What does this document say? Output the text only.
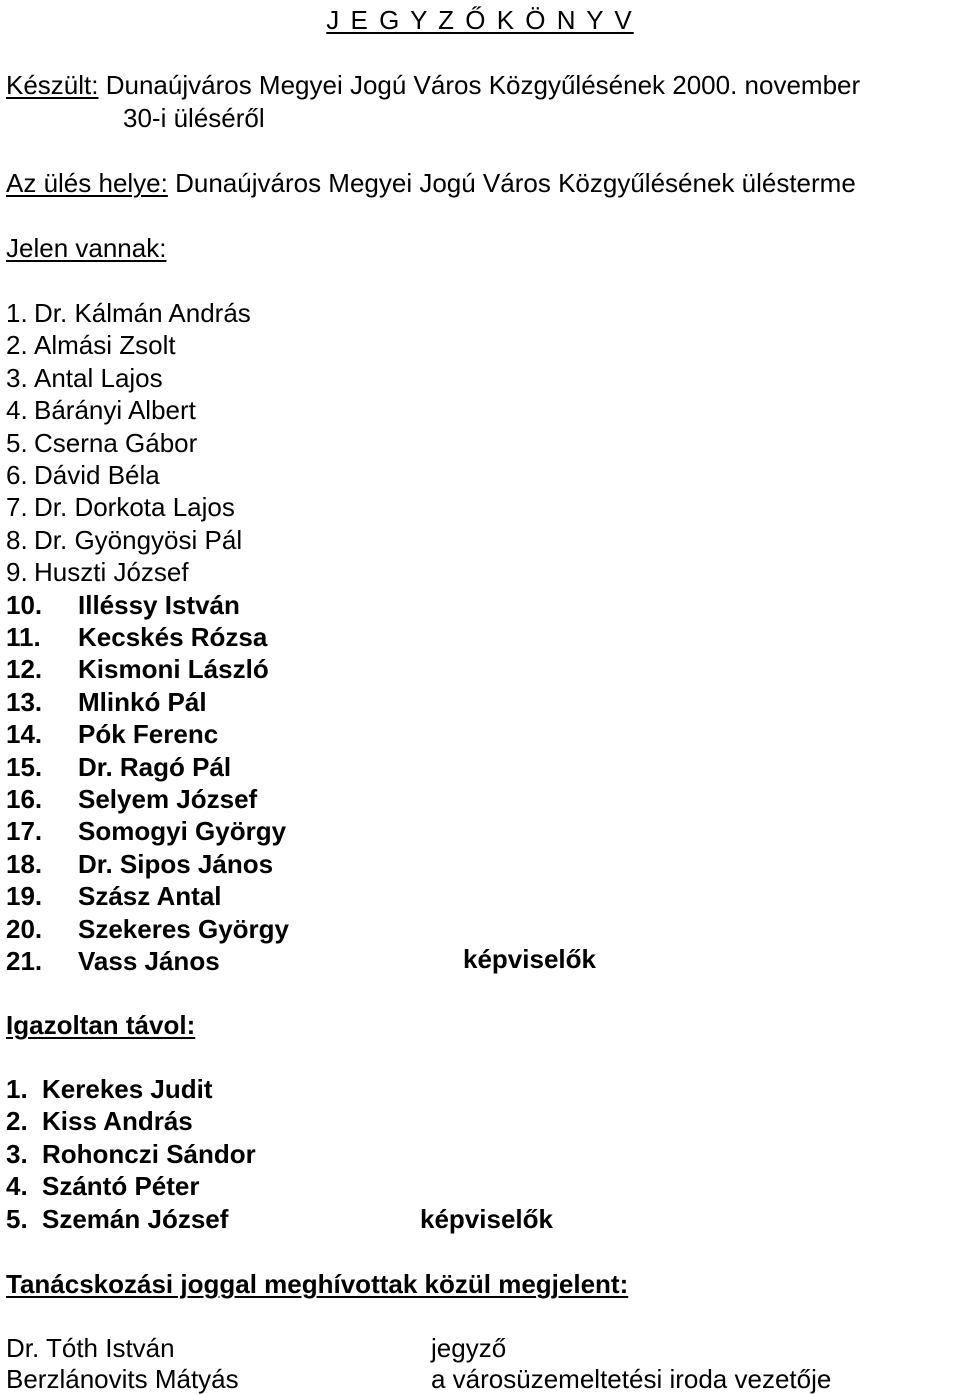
J E G Y Z Ő K Ö N Y V
Készült: Dunaújváros Megyei Jogú Város Közgyűlésének 2000. november
30-i üléséről
Az ülés helye: Dunaújváros Megyei Jogú Város Közgyűlésének ülésterme
Jelen vannak:
1. Dr. Kálmán András
2. Almási Zsolt
3. Antal Lajos
4. Bárányi Albert
5. Cserna Gábor
6. Dávid Béla
7. Dr. Dorkota Lajos
8. Dr. Gyöngyösi Pál
9. Huszti József
10. Illéssy István
11. Kecskés Rózsa
12. Kismoni László
13. Mlinkó Pál
14. Pók Ferenc
15. Dr. Ragó Pál
16. Selyem József
17. Somogyi György
18. Dr. Sipos János
19. Szász Antal
20. Szekeres György
21. Vass János	képviselők
Igazoltan távol:
1. Kerekes Judit
2. Kiss András
3. Rohonczi Sándor
4. Szántó Péter
5. Szemán József	képviselők
Tanácskozási joggal meghívottak közül megjelent:
Dr. Tóth István	jegyző
Berzlánovits Mátyás	a városüzemeltetési iroda vezetője
